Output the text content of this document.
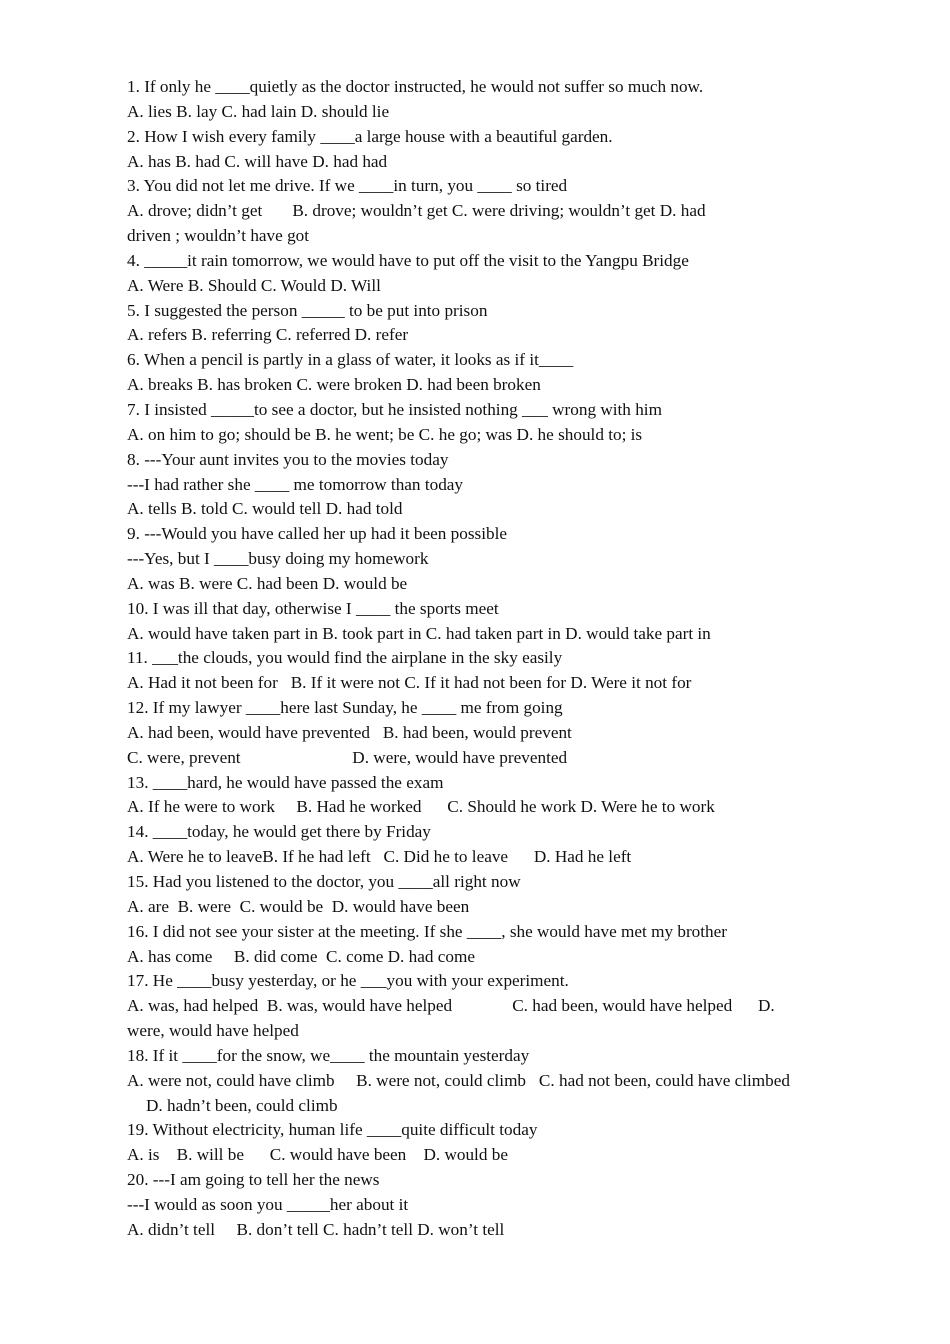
1. If only he ____quietly as the doctor instructed, he would not suffer so much now.
A. lies B. lay C. had lain D. should lie
2. How I wish every family ____a large house with a beautiful garden.
A. has B. had C. will have D. had had
3. You did not let me drive. If we ____in turn, you ____ so tired
A. drove; didn’t get       B. drove; wouldn’t get C. were driving; wouldn’t get D. had
driven ; wouldn’t have got
4. _____it rain tomorrow, we would have to put off the visit to the Yangpu Bridge
A. Were B. Should C. Would D. Will
5. I suggested the person _____ to be put into prison
A. refers B. referring C. referred D. refer
6. When a pencil is partly in a glass of water, it looks as if it____
A. breaks B. has broken C. were broken D. had been broken
7. I insisted _____to see a doctor, but he insisted nothing ___ wrong with him
A. on him to go; should be B. he went; be C. he go; was D. he should to; is
8. ---Your aunt invites you to the movies today
---I had rather she ____ me tomorrow than today
A. tells B. told C. would tell D. had told
9. ---Would you have called her up had it been possible
---Yes, but I ____busy doing my homework
A. was B. were C. had been D. would be
10. I was ill that day, otherwise I ____ the sports meet
A. would have taken part in B. took part in C. had taken part in D. would take part in
11. ___the clouds, you would find the airplane in the sky easily
A. Had it not been for   B. If it were not C. If it had not been for D. Were it not for
12. If my lawyer ____here last Sunday, he ____ me from going
A. had been, would have prevented   B. had been, would prevent
C. were, prevent                          D. were, would have prevented
13. ____hard, he would have passed the exam
A. If he were to work     B. Had he worked      C. Should he work D. Were he to work
14. ____today, he would get there by Friday
A. Were he to leaveB. If he had left   C. Did he to leave      D. Had he left
15. Had you listened to the doctor, you ____all right now
A. are  B. were  C. would be  D. would have been
16. I did not see your sister at the meeting. If she ____, she would have met my brother
A. has come     B. did come  C. come D. had come
17. He ____busy yesterday, or he ___you with your experiment.
A. was, had helped  B. was, would have helped              C. had been, would have helped      D.
were, would have helped
18. If it ____for the snow, we____ the mountain yesterday
A. were not, could have climb     B. were not, could climb   C. had not been, could have climbed
D. hadn’t been, could climb
19. Without electricity, human life ____quite difficult today
A. is    B. will be      C. would have been    D. would be
20. ---I am going to tell her the news
---I would as soon you _____her about it
A. didn’t tell     B. don’t tell C. hadn’t tell D. won’t tell
